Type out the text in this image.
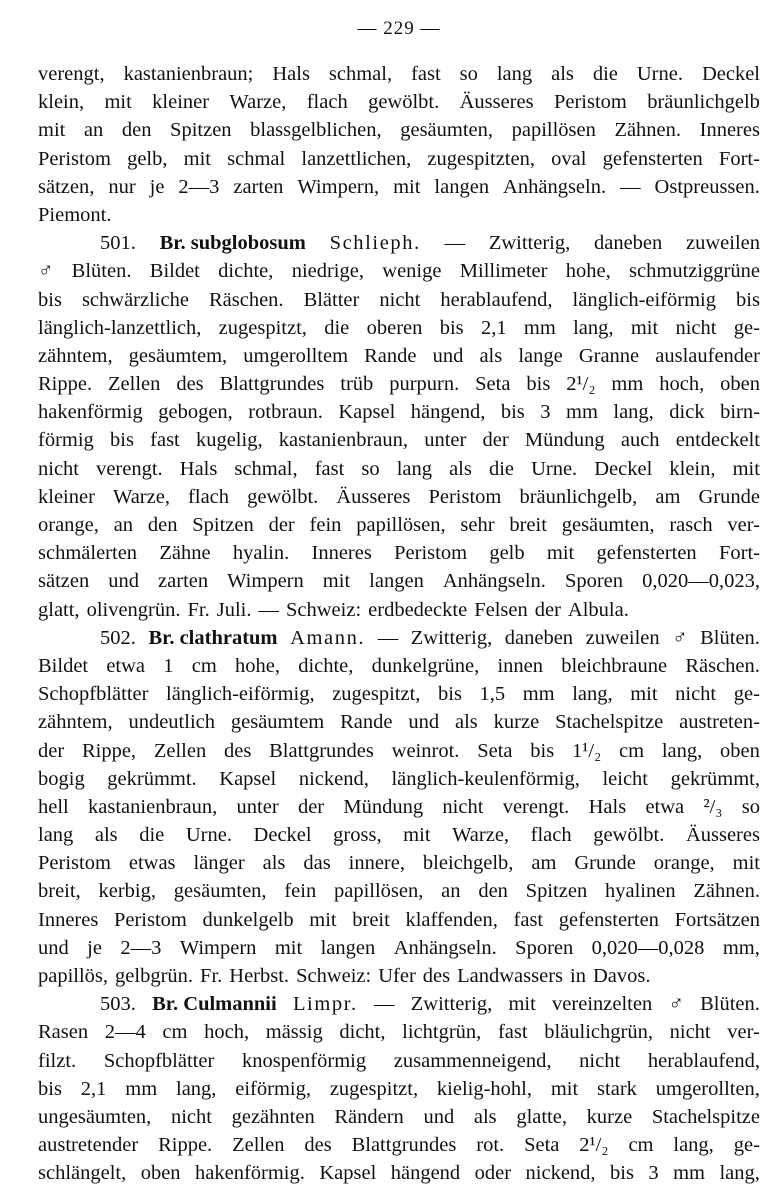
— 229 —
verengt, kastanienbraun; Hals schmal, fast so lang als die Urne. Deckel
klein, mit kleiner Warze, flach gewölbt. Äusseres Peristom bräunlichgelb
mit an den Spitzen blassgelblichen, gesäumten, papillösen Zähnen. Inneres
Peristom gelb, mit schmal lanzettlichen, zugespitzten, oval gefensterten Fort-
sätzen, nur je 2—3 zarten Wimpern, mit langen Anhängseln. — Ostpreussen.
Piemont.
501. Br. subglobosum Schlieph. — Zwitterig, daneben zuweilen
♂ Blüten. Bildet dichte, niedrige, wenige Millimeter hohe, schmutziggrüne
bis schwärzliche Räschen. Blätter nicht herablaufend, länglich-eiförmig bis
länglich-lanzettlich, zugespitzt, die oberen bis 2,1 mm lang, mit nicht ge-
zähntem, gesäumtem, umgerolltem Rande und als lange Granne auslaufender
Rippe. Zellen des Blattgrundes trüb purpurn. Seta bis 2¹/₂ mm hoch, oben
hakenförmig gebogen, rotbraun. Kapsel hängend, bis 3 mm lang, dick birn-
förmig bis fast kugelig, kastanienbraun, unter der Mündung auch entdeckelt
nicht verengt. Hals schmal, fast so lang als die Urne. Deckel klein, mit
kleiner Warze, flach gewölbt. Äusseres Peristom bräunlichgelb, am Grunde
orange, an den Spitzen der fein papillösen, sehr breit gesäumten, rasch ver-
schmälerten Zähne hyalin. Inneres Peristom gelb mit gefensterten Fort-
sätzen und zarten Wimpern mit langen Anhängseln. Sporen 0,020—0,023,
glatt, olivengrün. Fr. Juli. — Schweiz: erdbedeckte Felsen der Albula.
502. Br. clathratum Amann. — Zwitterig, daneben zuweilen ♂ Blüten.
Bildet etwa 1 cm hohe, dichte, dunkelgrüne, innen bleichbraune Räschen.
Schopfblätter länglich-eiförmig, zugespitzt, bis 1,5 mm lang, mit nicht ge-
zähntem, undeutlich gesäumtem Rande und als kurze Stachelspitze austreten-
der Rippe, Zellen des Blattgrundes weinrot. Seta bis 1¹/₂ cm lang, oben
bogig gekrümmt. Kapsel nickend, länglich-keulenförmig, leicht gekrümmt,
hell kastanienbraun, unter der Mündung nicht verengt. Hals etwa ²/₃ so
lang als die Urne. Deckel gross, mit Warze, flach gewölbt. Äusseres
Peristom etwas länger als das innere, bleichgelb, am Grunde orange, mit
breit, kerbig, gesäumten, fein papillösen, an den Spitzen hyalinen Zähnen.
Inneres Peristom dunkelgelb mit breit klaffenden, fast gefensterten Fortsätzen
und je 2—3 Wimpern mit langen Anhängseln. Sporen 0,020—0,028 mm,
papillös, gelbgrün. Fr. Herbst. Schweiz: Ufer des Landwassers in Davos.
503. Br. Culmannii Limpr. — Zwitterig, mit vereinzelten ♂ Blüten.
Rasen 2—4 cm hoch, mässig dicht, lichtgrün, fast bläulichgrün, nicht ver-
filzt. Schopfblätter knospenförmig zusammenneigend, nicht herablaufend,
bis 2,1 mm lang, eiförmig, zugespitzt, kielig-hohl, mit stark umgerollten,
ungesäumten, nicht gezähnten Rändern und als glatte, kurze Stachelspitze
austretender Rippe. Zellen des Blattgrundes rot. Seta 2¹/₂ cm lang, ge-
schlängelt, oben hakenförmig. Kapsel hängend oder nickend, bis 3 mm lang,
